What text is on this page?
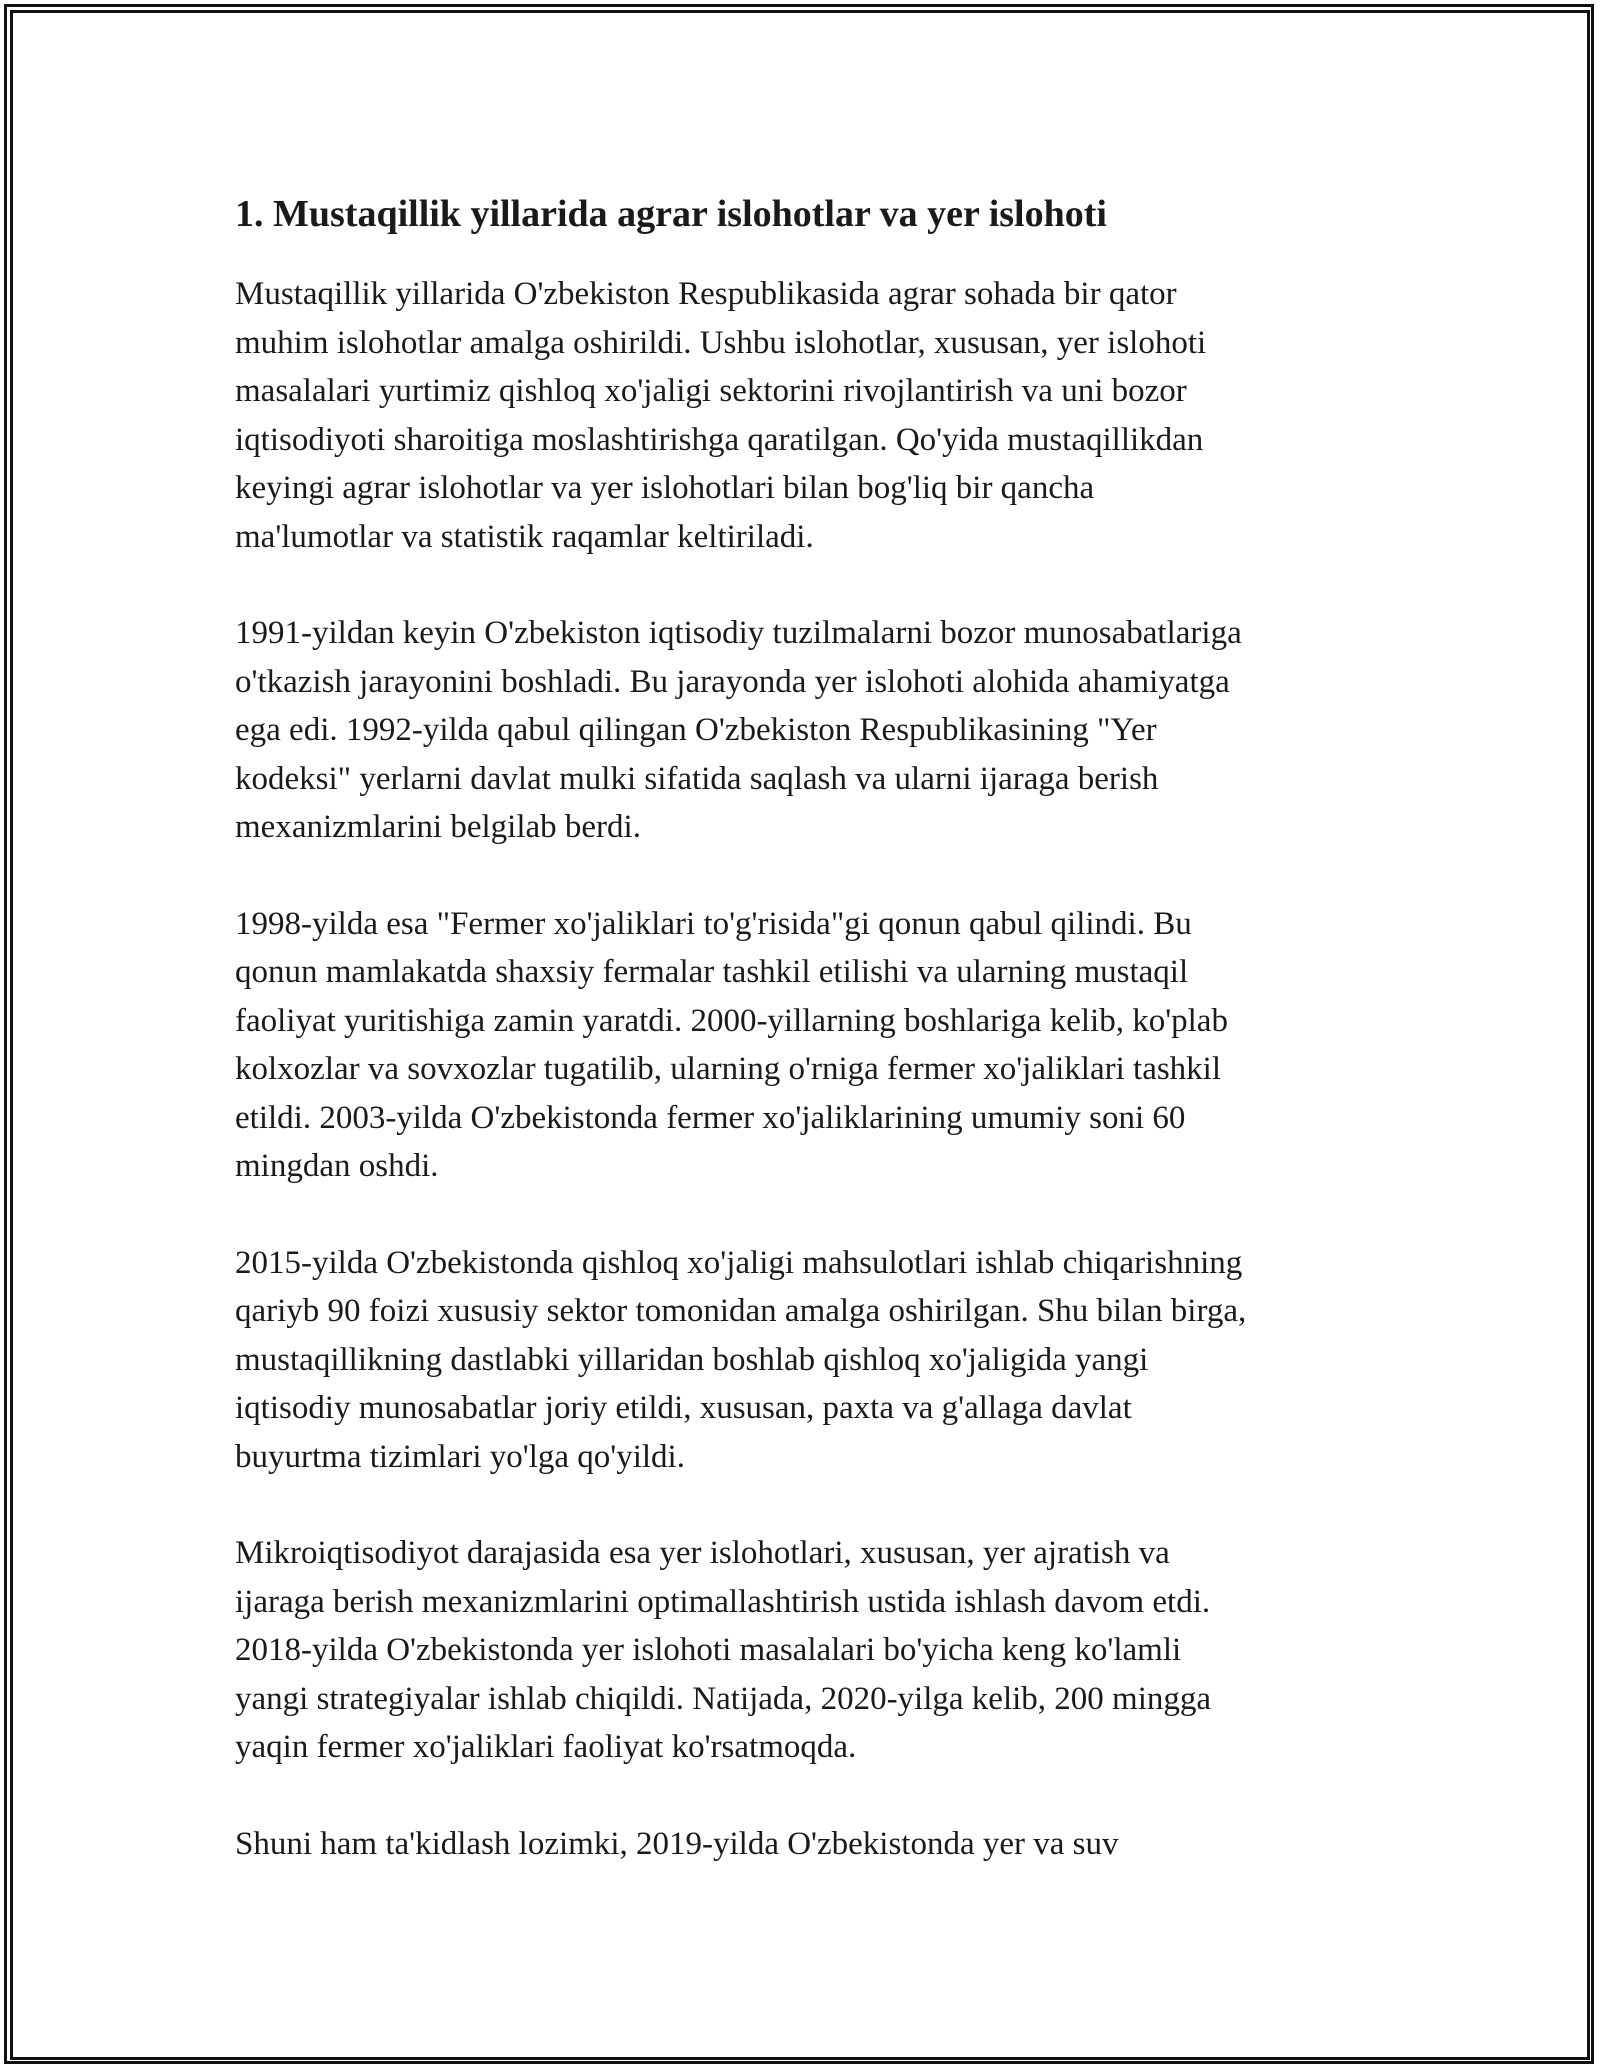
1. Mustaqillik yillarida agrar islohotlar va yer islohoti

Mustaqillik yillarida O'zbekiston Respublikasida agrar sohada bir qator
muhim islohotlar amalga oshirildi. Ushbu islohotlar, xususan, yer islohoti
masalalari yurtimiz qishloq xo'jaligi sektorini rivojlantirish va uni bozor
iqtisodiyoti sharoitiga moslashtirishga qaratilgan. Qo'yida mustaqillikdan
keyingi agrar islohotlar va yer islohotlari bilan bog'liq bir qancha
ma'lumotlar va statistik raqamlar keltiriladi.

1991-yildan keyin O'zbekiston iqtisodiy tuzilmalarni bozor munosabatlariga
o'tkazish jarayonini boshladi. Bu jarayonda yer islohoti alohida ahamiyatga
ega edi. 1992-yilda qabul qilingan O'zbekiston Respublikasining "Yer
kodeksi" yerlarni davlat mulki sifatida saqlash va ularni ijaraga berish
mexanizmlarini belgilab berdi.

1998-yilda esa "Fermer xo'jaliklari to'g'risida"gi qonun qabul qilindi. Bu
qonun mamlakatda shaxsiy fermalar tashkil etilishi va ularning mustaqil
faoliyat yuritishiga zamin yaratdi. 2000-yillarning boshlariga kelib, ko'plab
kolxozlar va sovxozlar tugatilib, ularning o'rniga fermer xo'jaliklari tashkil
etildi. 2003-yilda O'zbekistonda fermer xo'jaliklarining umumiy soni 60
mingdan oshdi.

2015-yilda O'zbekistonda qishloq xo'jaligi mahsulotlari ishlab chiqarishning
qariyb 90 foizi xususiy sektor tomonidan amalga oshirilgan. Shu bilan birga,
mustaqillikning dastlabki yillaridan boshlab qishloq xo'jaligida yangi
iqtisodiy munosabatlar joriy etildi, xususan, paxta va g'allaga davlat
buyurtma tizimlari yo'lga qo'yildi.

Mikroiqtisodiyot darajasida esa yer islohotlari, xususan, yer ajratish va
ijaraga berish mexanizmlarini optimallashtirish ustida ishlash davom etdi.
2018-yilda O'zbekistonda yer islohoti masalalari bo'yicha keng ko'lamli
yangi strategiyalar ishlab chiqildi. Natijada, 2020-yilga kelib, 200 mingga
yaqin fermer xo'jaliklari faoliyat ko'rsatmoqda.

Shuni ham ta'kidlash lozimki, 2019-yilda O'zbekistonda yer va suv
